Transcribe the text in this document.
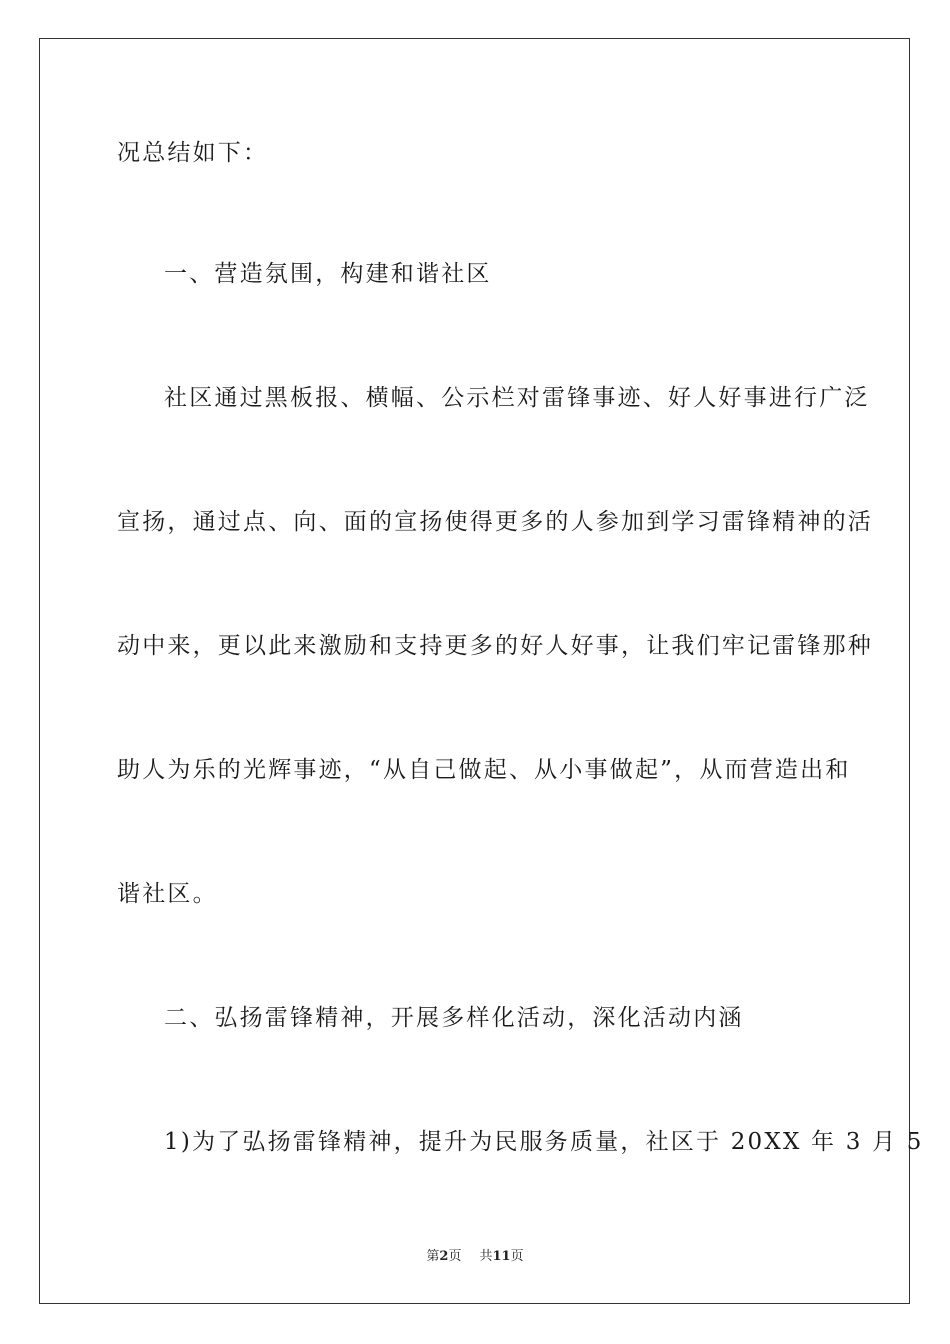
况总结如下：
一、营造氛围，构建和谐社区
社区通过黑板报、横幅、公示栏对雷锋事迹、好人好事进行广泛
宣扬，通过点、向、面的宣扬使得更多的人参加到学习雷锋精神的活
动中来，更以此来激励和支持更多的好人好事，让我们牢记雷锋那种
助人为乐的光辉事迹，“从自己做起、从小事做起”，从而营造出和
谐社区。
二、弘扬雷锋精神，开展多样化活动，深化活动内涵
1)为了弘扬雷锋精神，提升为民服务质量，社区于 20XX 年 3 月 5
第2页 共11页
